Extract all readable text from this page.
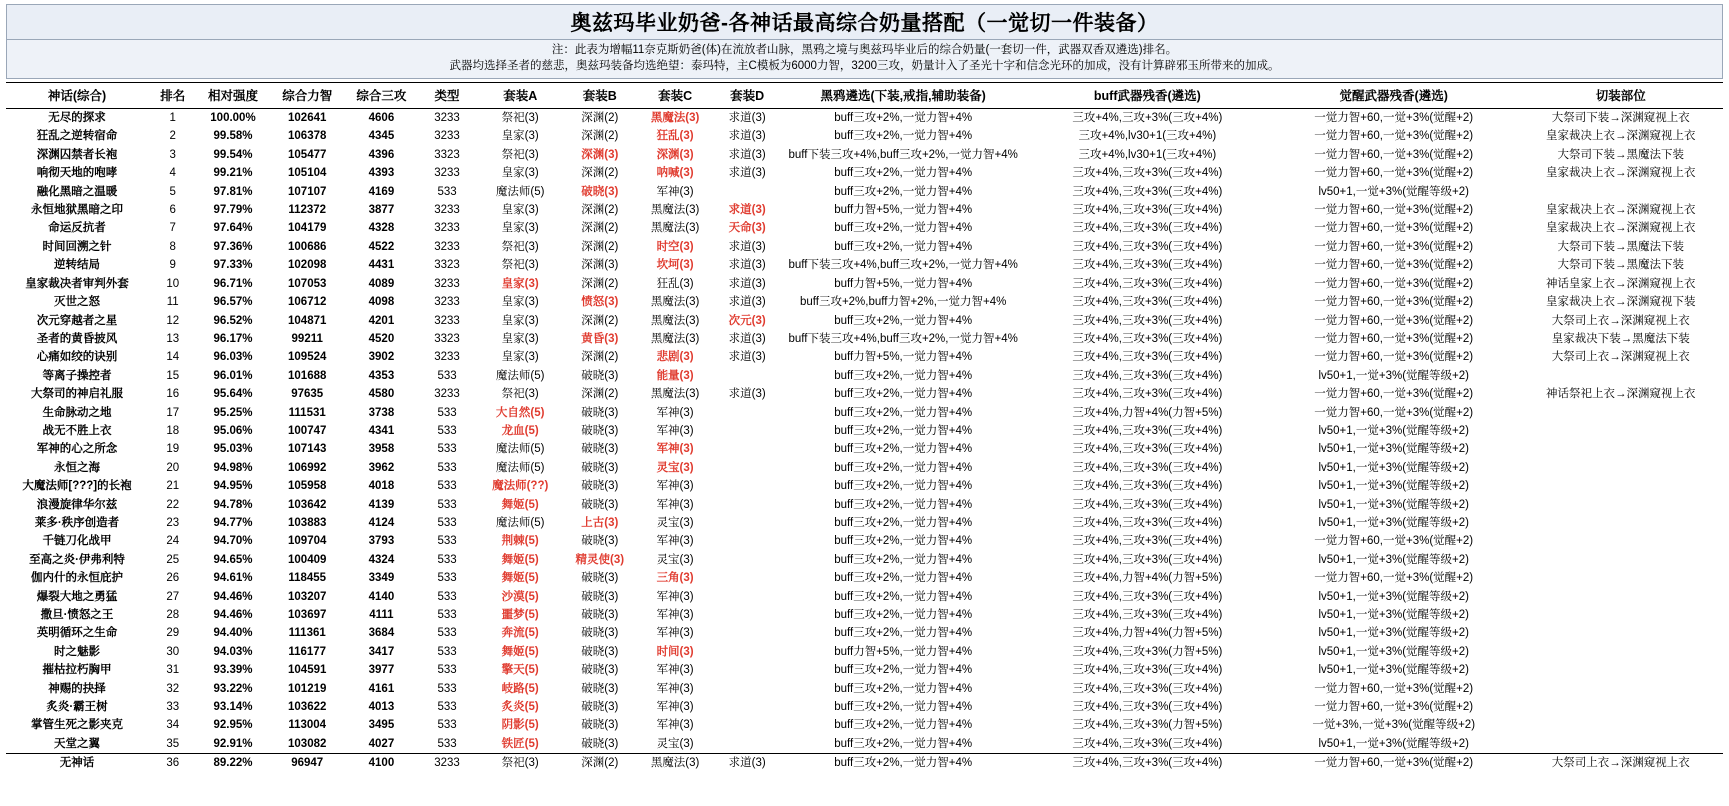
奥兹玛毕业奶爸-各神话最高综合奶量搭配（一觉切一件装备）
注：此表为增幅11奈克斯奶爸(体)在流放者山脉，黑鸦之境与奥兹玛毕业后的综合奶量(一套切一件，武器双香双遴选)排名。
武器均选择圣者的慈悲，奥兹玛装备均选绝望：泰玛特，主C模板为6000力智，3200三攻，奶量计入了圣光十字和信念光环的加成，没有计算辟邪玉所带来的加成。
神话(综合)	排名	相对强度	综合力智	综合三攻	类型	套装A	套装B	套装C	套装D	黑鸦遴选(下装,戒指,辅助装备)	buff武器残香(遴选)	觉醒武器残香(遴选)	切装部位
无尽的探求	1	100.00%	102641	4606	3233	祭祀(3)	深渊(2)	黑魔法(3)	求道(3)	buff三攻+2%,一觉力智+4%	三攻+4%,三攻+3%(三攻+4%)	一觉力智+60,一觉+3%(觉醒+2)	大祭司下装→深渊窥视上衣
狂乱之逆转宿命	2	99.58%	106378	4345	3233	皇家(3)	深渊(2)	狂乱(3)	求道(3)	buff三攻+2%,一觉力智+4%	三攻+4%,lv30+1(三攻+4%)	一觉力智+60,一觉+3%(觉醒+2)	皇家裁决上衣→深渊窥视上衣
深渊囚禁者长袍	3	99.54%	105477	4396	3323	祭祀(3)	深渊(3)	深渊(3)	求道(3)	buff下装三攻+4%,buff三攻+2%,一觉力智+4%	三攻+4%,lv30+1(三攻+4%)	一觉力智+60,一觉+3%(觉醒+2)	大祭司下装→黑魔法下装
响彻天地的咆哮	4	99.21%	105104	4393	3233	皇家(3)	深渊(2)	呐喊(3)	求道(3)	buff三攻+2%,一觉力智+4%	三攻+4%,三攻+3%(三攻+4%)	一觉力智+60,一觉+3%(觉醒+2)	皇家裁决上衣→深渊窥视上衣
融化黑暗之温暖	5	97.81%	107107	4169	533	魔法师(5)	破晓(3)	军神(3)		buff三攻+2%,一觉力智+4%	三攻+4%,三攻+3%(三攻+4%)	lv50+1,一觉+3%(觉醒等级+2)	
永恒地狱黑暗之印	6	97.79%	112372	3877	3233	皇家(3)	深渊(2)	黑魔法(3)	求道(3)	buff力智+5%,一觉力智+4%	三攻+4%,三攻+3%(三攻+4%)	一觉力智+60,一觉+3%(觉醒+2)	皇家裁决上衣→深渊窥视上衣
命运反抗者	7	97.64%	104179	4328	3233	皇家(3)	深渊(2)	黑魔法(3)	天命(3)	buff三攻+2%,一觉力智+4%	三攻+4%,三攻+3%(三攻+4%)	一觉力智+60,一觉+3%(觉醒+2)	皇家裁决上衣→深渊窥视上衣
时间回溯之针	8	97.36%	100686	4522	3233	祭祀(3)	深渊(2)	时空(3)	求道(3)	buff三攻+2%,一觉力智+4%	三攻+4%,三攻+3%(三攻+4%)	一觉力智+60,一觉+3%(觉醒+2)	大祭司下装→黑魔法下装
逆转结局	9	97.33%	102098	4431	3323	祭祀(3)	深渊(3)	坎坷(3)	求道(3)	buff下装三攻+4%,buff三攻+2%,一觉力智+4%	三攻+4%,三攻+3%(三攻+4%)	一觉力智+60,一觉+3%(觉醒+2)	大祭司下装→黑魔法下装
皇家裁决者审判外套	10	96.71%	107053	4089	3233	皇家(3)	深渊(2)	狂乱(3)	求道(3)	buff力智+5%,一觉力智+4%	三攻+4%,三攻+3%(三攻+4%)	一觉力智+60,一觉+3%(觉醒+2)	神话皇家上衣→深渊窥视上衣
灭世之怒	11	96.57%	106712	4098	3233	皇家(3)	愤怒(3)	黑魔法(3)	求道(3)	buff三攻+2%,buff力智+2%,一觉力智+4%	三攻+4%,三攻+3%(三攻+4%)	一觉力智+60,一觉+3%(觉醒+2)	皇家裁决上衣→深渊窥视下装
次元穿越者之星	12	96.52%	104871	4201	3233	皇家(3)	深渊(2)	黑魔法(3)	次元(3)	buff三攻+2%,一觉力智+4%	三攻+4%,三攻+3%(三攻+4%)	一觉力智+60,一觉+3%(觉醒+2)	大祭司上衣→深渊窥视上衣
圣者的黄昏披风	13	96.17%	99211	4520	3323	皇家(3)	黄昏(3)	黑魔法(3)	求道(3)	buff下装三攻+4%,buff三攻+2%,一觉力智+4%	三攻+4%,三攻+3%(三攻+4%)	一觉力智+60,一觉+3%(觉醒+2)	皇家裁决下装→黑魔法下装
心痛如绞的诀别	14	96.03%	109524	3902	3233	皇家(3)	深渊(2)	悲剧(3)	求道(3)	buff力智+5%,一觉力智+4%	三攻+4%,三攻+3%(三攻+4%)	一觉力智+60,一觉+3%(觉醒+2)	大祭司上衣→深渊窥视上衣
等离子操控者	15	96.01%	101688	4353	533	魔法师(5)	破晓(3)	能量(3)		buff三攻+2%,一觉力智+4%	三攻+4%,三攻+3%(三攻+4%)	lv50+1,一觉+3%(觉醒等级+2)	
大祭司的神启礼服	16	95.64%	97635	4580	3233	祭祀(3)	深渊(2)	黑魔法(3)	求道(3)	buff三攻+2%,一觉力智+4%	三攻+4%,三攻+3%(三攻+4%)	一觉力智+60,一觉+3%(觉醒+2)	神话祭祀上衣→深渊窥视上衣
生命脉动之地	17	95.25%	111531	3738	533	大自然(5)	破晓(3)	军神(3)		buff三攻+2%,一觉力智+4%	三攻+4%,力智+4%(力智+5%)	一觉力智+60,一觉+3%(觉醒+2)	
战无不胜上衣	18	95.06%	100747	4341	533	龙血(5)	破晓(3)	军神(3)		buff三攻+2%,一觉力智+4%	三攻+4%,三攻+3%(三攻+4%)	lv50+1,一觉+3%(觉醒等级+2)	
军神的心之所念	19	95.03%	107143	3958	533	魔法师(5)	破晓(3)	军神(3)		buff三攻+2%,一觉力智+4%	三攻+4%,三攻+3%(三攻+4%)	lv50+1,一觉+3%(觉醒等级+2)	
永恒之海	20	94.98%	106992	3962	533	魔法师(5)	破晓(3)	灵宝(3)		buff三攻+2%,一觉力智+4%	三攻+4%,三攻+3%(三攻+4%)	lv50+1,一觉+3%(觉醒等级+2)	
大魔法师[???]的长袍	21	94.95%	105958	4018	533	魔法师(??)	破晓(3)	军神(3)		buff三攻+2%,一觉力智+4%	三攻+4%,三攻+3%(三攻+4%)	lv50+1,一觉+3%(觉醒等级+2)	
浪漫旋律华尔兹	22	94.78%	103642	4139	533	舞姬(5)	破晓(3)	军神(3)		buff三攻+2%,一觉力智+4%	三攻+4%,三攻+3%(三攻+4%)	lv50+1,一觉+3%(觉醒等级+2)	
莱多·秩序创造者	23	94.77%	103883	4124	533	魔法师(5)	上古(3)	灵宝(3)		buff三攻+2%,一觉力智+4%	三攻+4%,三攻+3%(三攻+4%)	lv50+1,一觉+3%(觉醒等级+2)	
千链刀化战甲	24	94.70%	109704	3793	533	荆棘(5)	破晓(3)	军神(3)		buff三攻+2%,一觉力智+4%	三攻+4%,三攻+3%(三攻+4%)	一觉力智+60,一觉+3%(觉醒+2)	
至高之炎·伊弗利特	25	94.65%	100409	4324	533	舞姬(5)	精灵使(3)	灵宝(3)		buff三攻+2%,一觉力智+4%	三攻+4%,三攻+3%(三攻+4%)	lv50+1,一觉+3%(觉醒等级+2)	
伽内什的永恒庇护	26	94.61%	118455	3349	533	舞姬(5)	破晓(3)	三角(3)		buff三攻+2%,一觉力智+4%	三攻+4%,力智+4%(力智+5%)	一觉力智+60,一觉+3%(觉醒+2)	
爆裂大地之勇猛	27	94.46%	103207	4140	533	沙漠(5)	破晓(3)	军神(3)		buff三攻+2%,一觉力智+4%	三攻+4%,三攻+3%(三攻+4%)	lv50+1,一觉+3%(觉醒等级+2)	
撒旦·愤怒之王	28	94.46%	103697	4111	533	噩梦(5)	破晓(3)	军神(3)		buff三攻+2%,一觉力智+4%	三攻+4%,三攻+3%(三攻+4%)	lv50+1,一觉+3%(觉醒等级+2)	
英明循环之生命	29	94.40%	111361	3684	533	奔流(5)	破晓(3)	军神(3)		buff三攻+2%,一觉力智+4%	三攻+4%,力智+4%(力智+5%)	lv50+1,一觉+3%(觉醒等级+2)	
时之魅影	30	94.03%	116177	3417	533	舞姬(5)	破晓(3)	时间(3)		buff力智+5%,一觉力智+4%	三攻+4%,三攻+3%(力智+5%)	lv50+1,一觉+3%(觉醒等级+2)	
摧枯拉朽胸甲	31	93.39%	104591	3977	533	擎天(5)	破晓(3)	军神(3)		buff三攻+2%,一觉力智+4%	三攻+4%,三攻+3%(三攻+4%)	lv50+1,一觉+3%(觉醒等级+2)	
神赐的抉择	32	93.22%	101219	4161	533	岐路(5)	破晓(3)	军神(3)		buff三攻+2%,一觉力智+4%	三攻+4%,三攻+3%(三攻+4%)	一觉力智+60,一觉+3%(觉醒+2)	
炙炎·霸王树	33	93.14%	103622	4013	533	炙炎(5)	破晓(3)	军神(3)		buff三攻+2%,一觉力智+4%	三攻+4%,三攻+3%(三攻+4%)	一觉力智+60,一觉+3%(觉醒+2)	
掌管生死之影夹克	34	92.95%	113004	3495	533	阴影(5)	破晓(3)	军神(3)		buff三攻+2%,一觉力智+4%	三攻+4%,三攻+3%(力智+5%)	一觉+3%,一觉+3%(觉醒等级+2)	
天堂之翼	35	92.91%	103082	4027	533	铁匠(5)	破晓(3)	灵宝(3)		buff三攻+2%,一觉力智+4%	三攻+4%,三攻+3%(三攻+4%)	lv50+1,一觉+3%(觉醒等级+2)	
无神话	36	89.22%	96947	4100	3233	祭祀(3)	深渊(2)	黑魔法(3)	求道(3)	buff三攻+2%,一觉力智+4%	三攻+4%,三攻+3%(三攻+4%)	一觉力智+60,一觉+3%(觉醒+2)	大祭司上衣→深渊窥视上衣
